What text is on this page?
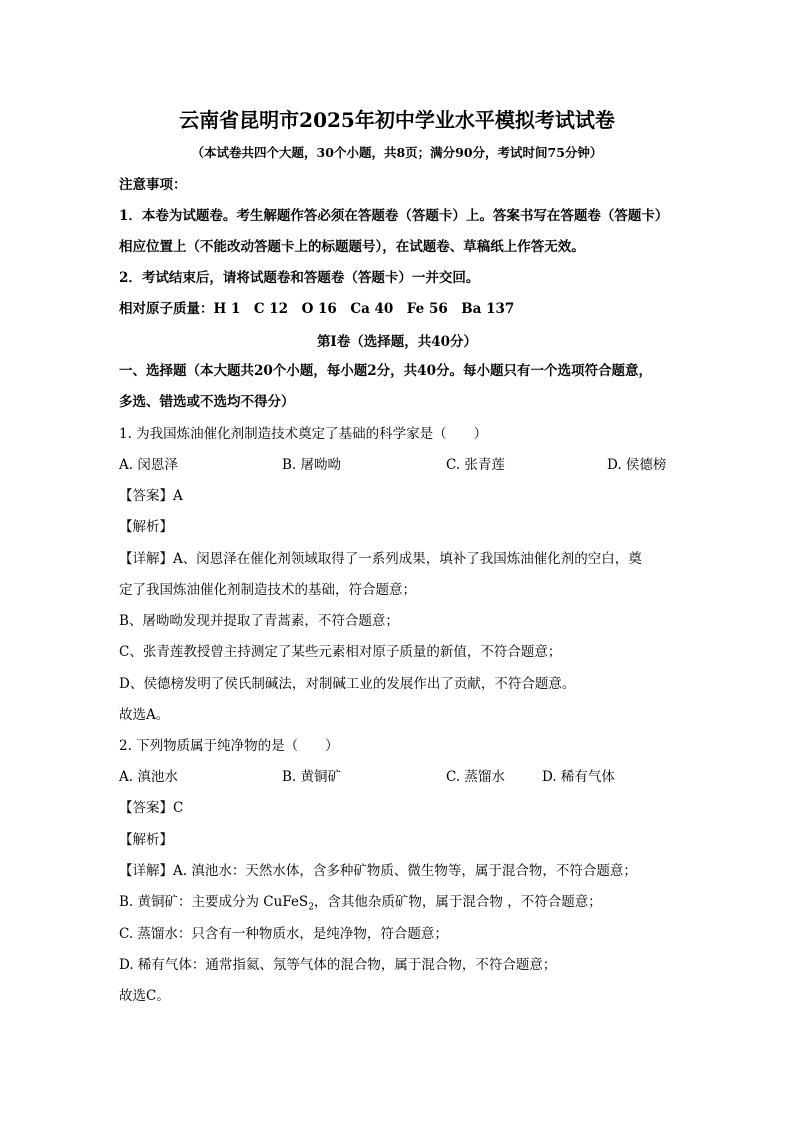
云南省昆明市2025年初中学业水平模拟考试试卷
（本试卷共四个大题，30个小题，共8页；满分90分，考试时间75分钟）
注意事项：
1．本卷为试题卷。考生解题作答必须在答题卷（答题卡）上。答案书写在答题卷（答题卡）
相应位置上（不能改动答题卡上的标题题号），在试题卷、草稿纸上作答无效。
2．考试结束后，请将试题卷和答题卷（答题卡）一并交回。
相对原子质量：H 1　C 12　O 16　Ca 40　Fe 56　Ba 137
第Ⅰ卷（选择题，共40分）
一、选择题（本大题共20个小题，每小题2分，共40分。每小题只有一个选项符合题意，
多选、错选或不选均不得分）
1. 为我国炼油催化剂制造技术奠定了基础的科学家是（　　）
A. 闵恩泽	B. 屠呦呦	C. 张青莲	D. 侯德榜
【答案】A
【解析】
【详解】A、闵恩泽在催化剂领域取得了一系列成果，填补了我国炼油催化剂的空白，奠
定了我国炼油催化剂制造技术的基础，符合题意；
B、屠呦呦发现并提取了青蒿素，不符合题意；
C、张青莲教授曾主持测定了某些元素相对原子质量的新值，不符合题意；
D、侯德榜发明了侯氏制碱法，对制碱工业的发展作出了贡献，不符合题意。
故选A。
2. 下列物质属于纯净物的是（　　）
A. 滇池水	B. 黄铜矿	C. 蒸馏水	D. 稀有气体
【答案】C
【解析】
【详解】A. 滇池水：天然水体，含多种矿物质、微生物等，属于混合物，不符合题意；
B. 黄铜矿：主要成分为 CuFeS$_2$，含其他杂质矿物，属于混合物 ，不符合题意；
C. 蒸馏水：只含有一种物质水，是纯净物，符合题意；
D. 稀有气体：通常指氦、氖等气体的混合物，属于混合物，不符合题意；
故选C。
